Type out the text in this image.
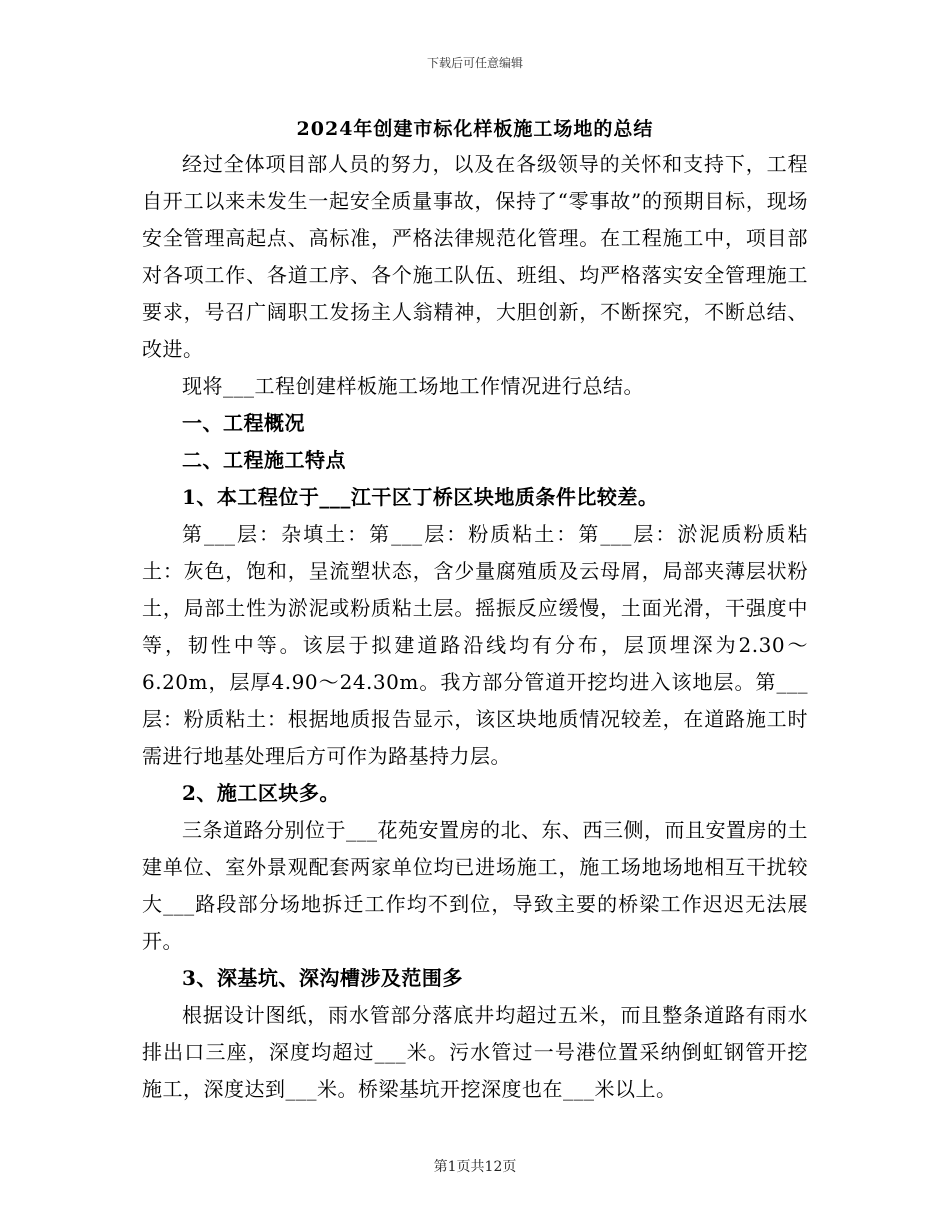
下载后可任意编辑
2024年创建市标化样板施工场地的总结

经过全体项目部人员的努力，以及在各级领导的关怀和支持下，工程自开工以来未发生一起安全质量事故，保持了“零事故”的预期目标，现场安全管理高起点、高标准，严格法律规范化管理。在工程施工中，项目部对各项工作、各道工序、各个施工队伍、班组、均严格落实安全管理施工要求，号召广阔职工发扬主人翁精神，大胆创新，不断探究，不断总结、改进。

现将___工程创建样板施工场地工作情况进行总结。

一、工程概况

二、工程施工特点

1、本工程位于___江干区丁桥区块地质条件比较差。

第___层：杂填土：第___层：粉质粘土：第___层：淤泥质粉质粘土：灰色，饱和，呈流塑状态，含少量腐殖质及云母屑，局部夹薄层状粉土，局部土性为淤泥或粉质粘土层。摇振反应缓慢，土面光滑，干强度中等，韧性中等。该层于拟建道路沿线均有分布，层顶埋深为2.30～6.20m，层厚4.90～24.30m。我方部分管道开挖均进入该地层。第___层：粉质粘土：根据地质报告显示，该区块地质情况较差，在道路施工时需进行地基处理后方可作为路基持力层。

2、施工区块多。

三条道路分别位于___花苑安置房的北、东、西三侧，而且安置房的土建单位、室外景观配套两家单位均已进场施工，施工场地场地相互干扰较大___路段部分场地拆迁工作均不到位，导致主要的桥梁工作迟迟无法展开。

3、深基坑、深沟槽涉及范围多

根据设计图纸，雨水管部分落底井均超过五米，而且整条道路有雨水排出口三座，深度均超过___米。污水管过一号港位置采纳倒虹钢管开挖施工，深度达到___米。桥梁基坑开挖深度也在___米以上。

第1页共12页
